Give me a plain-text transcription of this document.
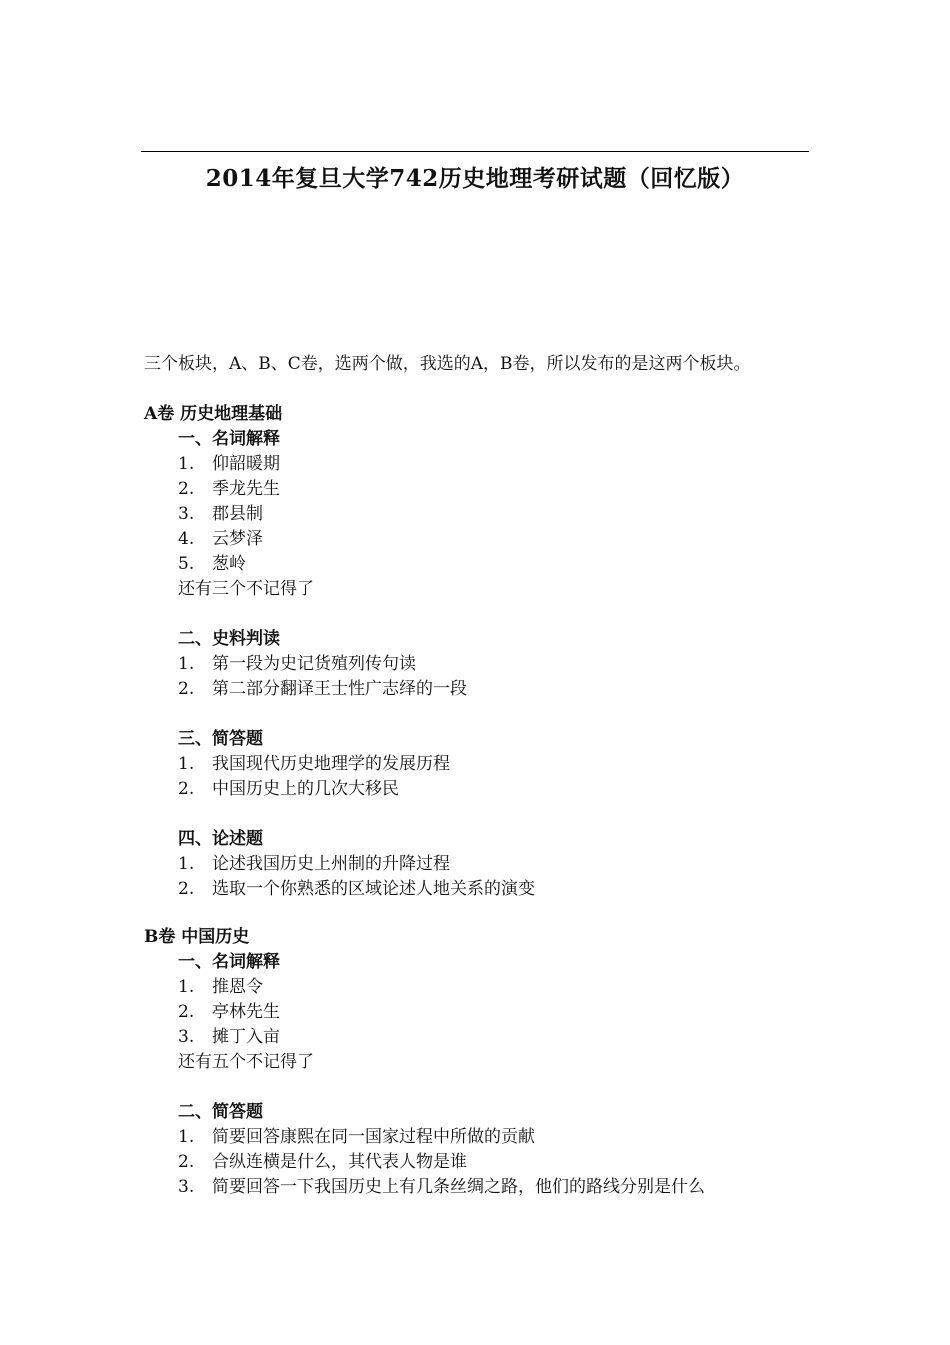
2014年复旦大学742历史地理考研试题（回忆版）
三个板块，A、B、C卷，选两个做，我选的A，B卷，所以发布的是这两个板块。
A卷 历史地理基础
一、名词解释
1. 仰韶暖期
2. 季龙先生
3. 郡县制
4. 云梦泽
5. 葱岭
还有三个不记得了
二、史料判读
1. 第一段为史记货殖列传句读
2. 第二部分翻译王士性广志绎的一段
三、简答题
1. 我国现代历史地理学的发展历程
2. 中国历史上的几次大移民
四、论述题
1. 论述我国历史上州制的升降过程
2. 选取一个你熟悉的区域论述人地关系的演变
B卷 中国历史
一、名词解释
1. 推恩令
2. 亭林先生
3. 摊丁入亩
还有五个不记得了
二、简答题
1. 简要回答康熙在同一国家过程中所做的贡献
2. 合纵连横是什么，其代表人物是谁
3. 简要回答一下我国历史上有几条丝绸之路，他们的路线分别是什么
